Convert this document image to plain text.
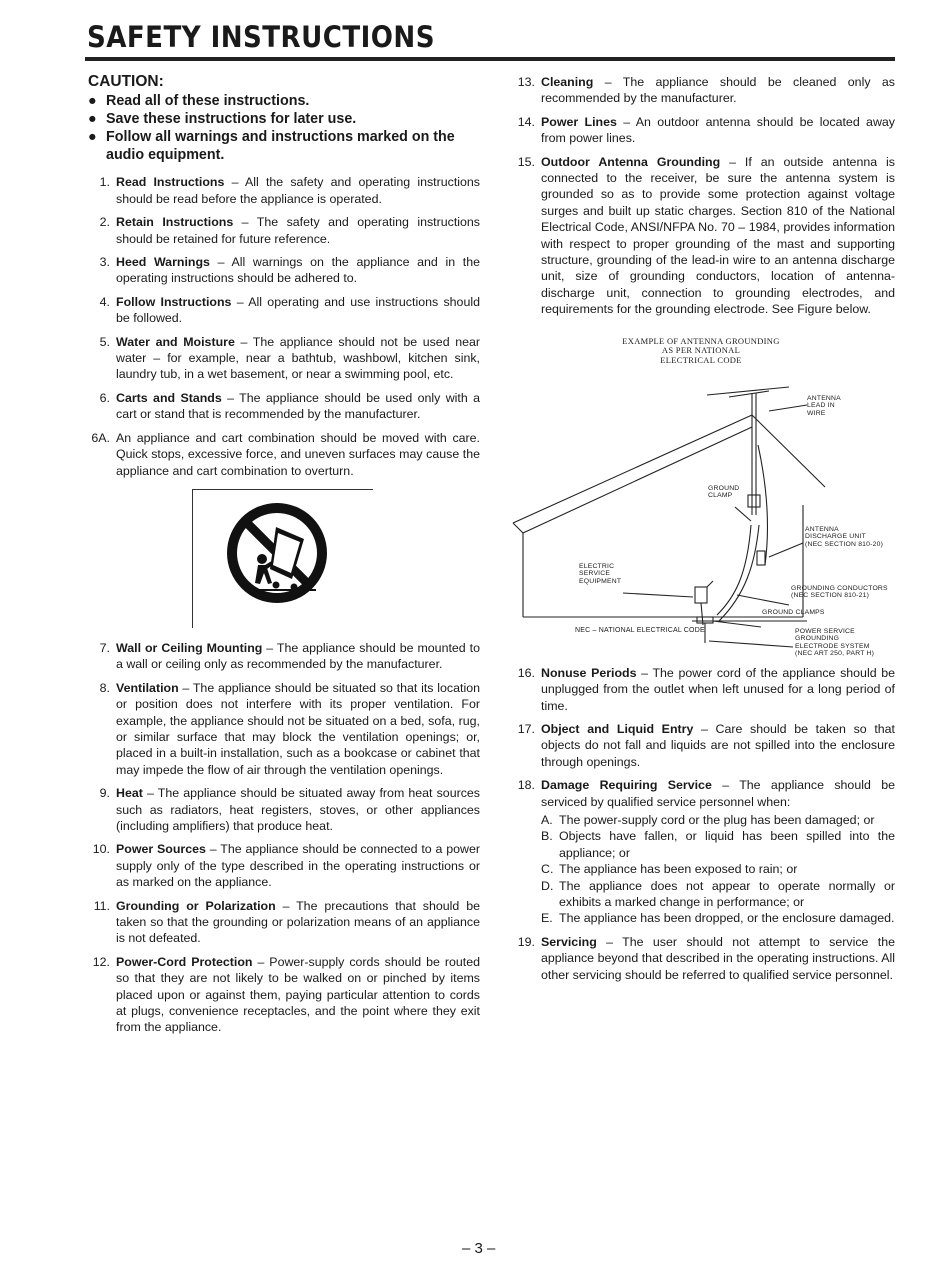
SAFETY INSTRUCTIONS
CAUTION:
● Read all of these instructions.
● Save these instructions for later use.
● Follow all warnings and instructions marked on the audio equipment.
1. Read Instructions – All the safety and operating instructions should be read before the appliance is operated.
2. Retain Instructions – The safety and operating instructions should be retained for future reference.
3. Heed Warnings – All warnings on the appliance and in the operating instructions should be adhered to.
4. Follow Instructions – All operating and use instructions should be followed.
5. Water and Moisture – The appliance should not be used near water – for example, near a bathtub, washbowl, kitchen sink, laundry tub, in a wet basement, or near a swimming pool, etc.
6. Carts and Stands – The appliance should be used only with a cart or stand that is recommended by the manufacturer.
6A. An appliance and cart combination should be moved with care. Quick stops, excessive force, and uneven surfaces may cause the appliance and cart combination to overturn.
7. Wall or Ceiling Mounting – The appliance should be mounted to a wall or ceiling only as recommended by the manufacturer.
8. Ventilation – The appliance should be situated so that its location or position does not interfere with its proper ventilation. For example, the appliance should not be situated on a bed, sofa, rug, or similar surface that may block the ventilation openings; or, placed in a built-in installation, such as a bookcase or cabinet that may impede the flow of air through the ventilation openings.
9. Heat – The appliance should be situated away from heat sources such as radiators, heat registers, stoves, or other appliances (including amplifiers) that produce heat.
10. Power Sources – The appliance should be connected to a power supply only of the type described in the operating instructions or as marked on the appliance.
11. Grounding or Polarization – The precautions that should be taken so that the grounding or polarization means of an appliance is not defeated.
12. Power-Cord Protection – Power-supply cords should be routed so that they are not likely to be walked on or pinched by items placed upon or against them, paying particular attention to cords at plugs, convenience receptacles, and the point where they exit from the appliance.
13. Cleaning – The appliance should be cleaned only as recommended by the manufacturer.
14. Power Lines – An outdoor antenna should be located away from power lines.
15. Outdoor Antenna Grounding – If an outside antenna is connected to the receiver, be sure the antenna system is grounded so as to provide some protection against voltage surges and built up static charges. Section 810 of the National Electrical Code, ANSI/NFPA No. 70 – 1984, provides information with respect to proper grounding of the mast and supporting structure, grounding of the lead-in wire to an antenna discharge unit, size of grounding conductors, location of antenna-discharge unit, connection to grounding electrodes, and requirements for the grounding electrode. See Figure below.
EXAMPLE OF ANTENNA GROUNDING
AS PER NATIONAL
ELECTRICAL CODE
ANTENNA
LEAD IN
WIRE
GROUND
CLAMP
ANTENNA
DISCHARGE UNIT
(NEC SECTION 810-20)
ELECTRIC
SERVICE
EQUIPMENT
GROUNDING CONDUCTORS
(NEC SECTION 810-21)
GROUND CLAMPS
POWER SERVICE GROUNDING
ELECTRODE SYSTEM
(NEC ART 250, PART H)
NEC – NATIONAL ELECTRICAL CODE
16. Nonuse Periods – The power cord of the appliance should be unplugged from the outlet when left unused for a long period of time.
17. Object and Liquid Entry – Care should be taken so that objects do not fall and liquids are not spilled into the enclosure through openings.
18. Damage Requiring Service – The appliance should be serviced by qualified service personnel when:
A. The power-supply cord or the plug has been damaged; or
B. Objects have fallen, or liquid has been spilled into the appliance; or
C. The appliance has been exposed to rain; or
D. The appliance does not appear to operate normally or exhibits a marked change in performance; or
E. The appliance has been dropped, or the enclosure damaged.
19. Servicing – The user should not attempt to service the appliance beyond that described in the operating instructions. All other servicing should be referred to qualified service personnel.
– 3 –
